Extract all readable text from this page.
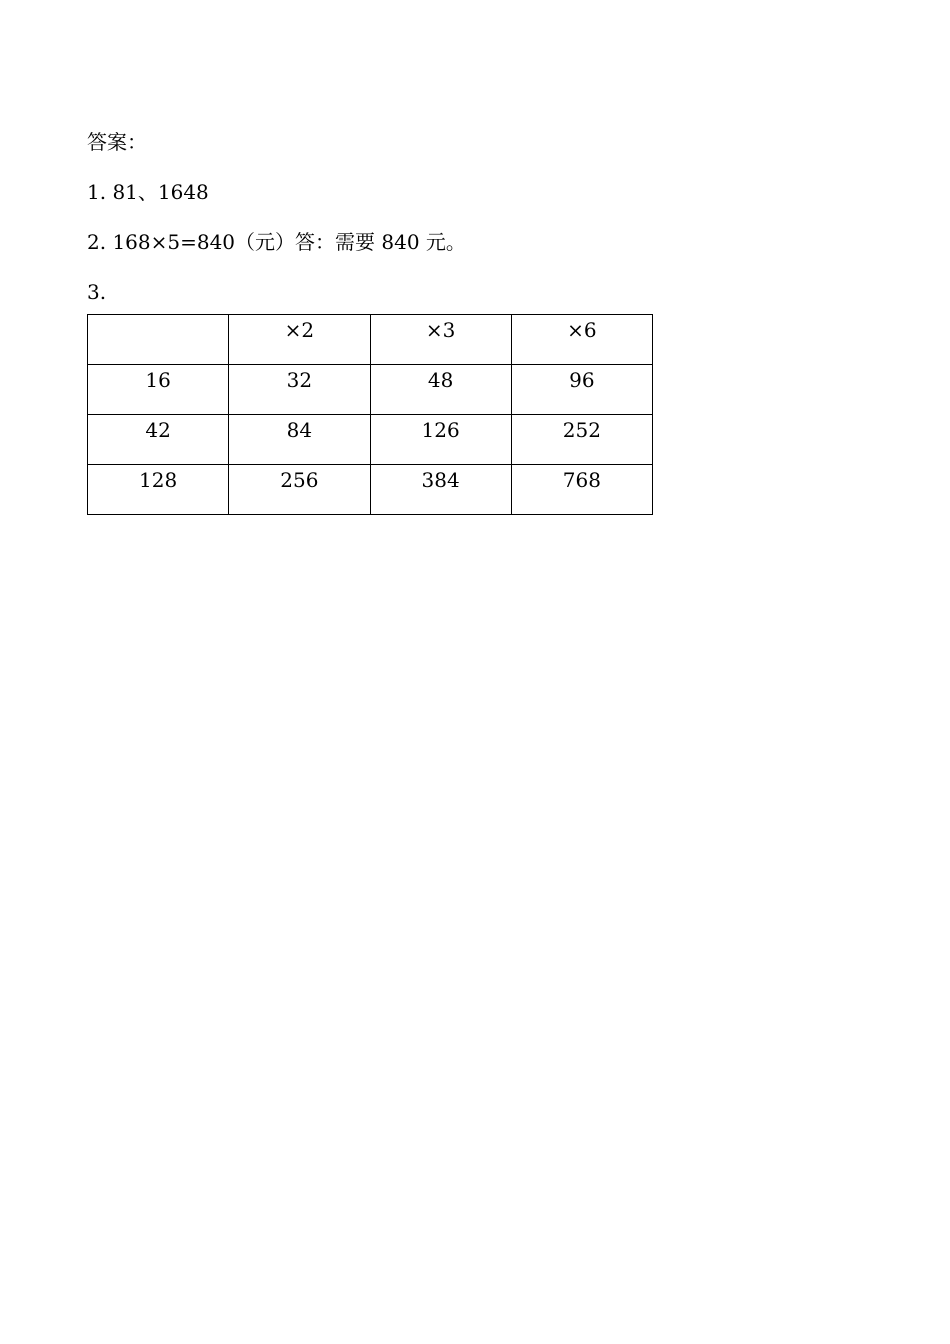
答案：
1. 81、1648
2. 168×5=840（元）答：需要 840 元。
3.
	×2	×3	×6
16	32	48	96
42	84	126	252
128	256	384	768
